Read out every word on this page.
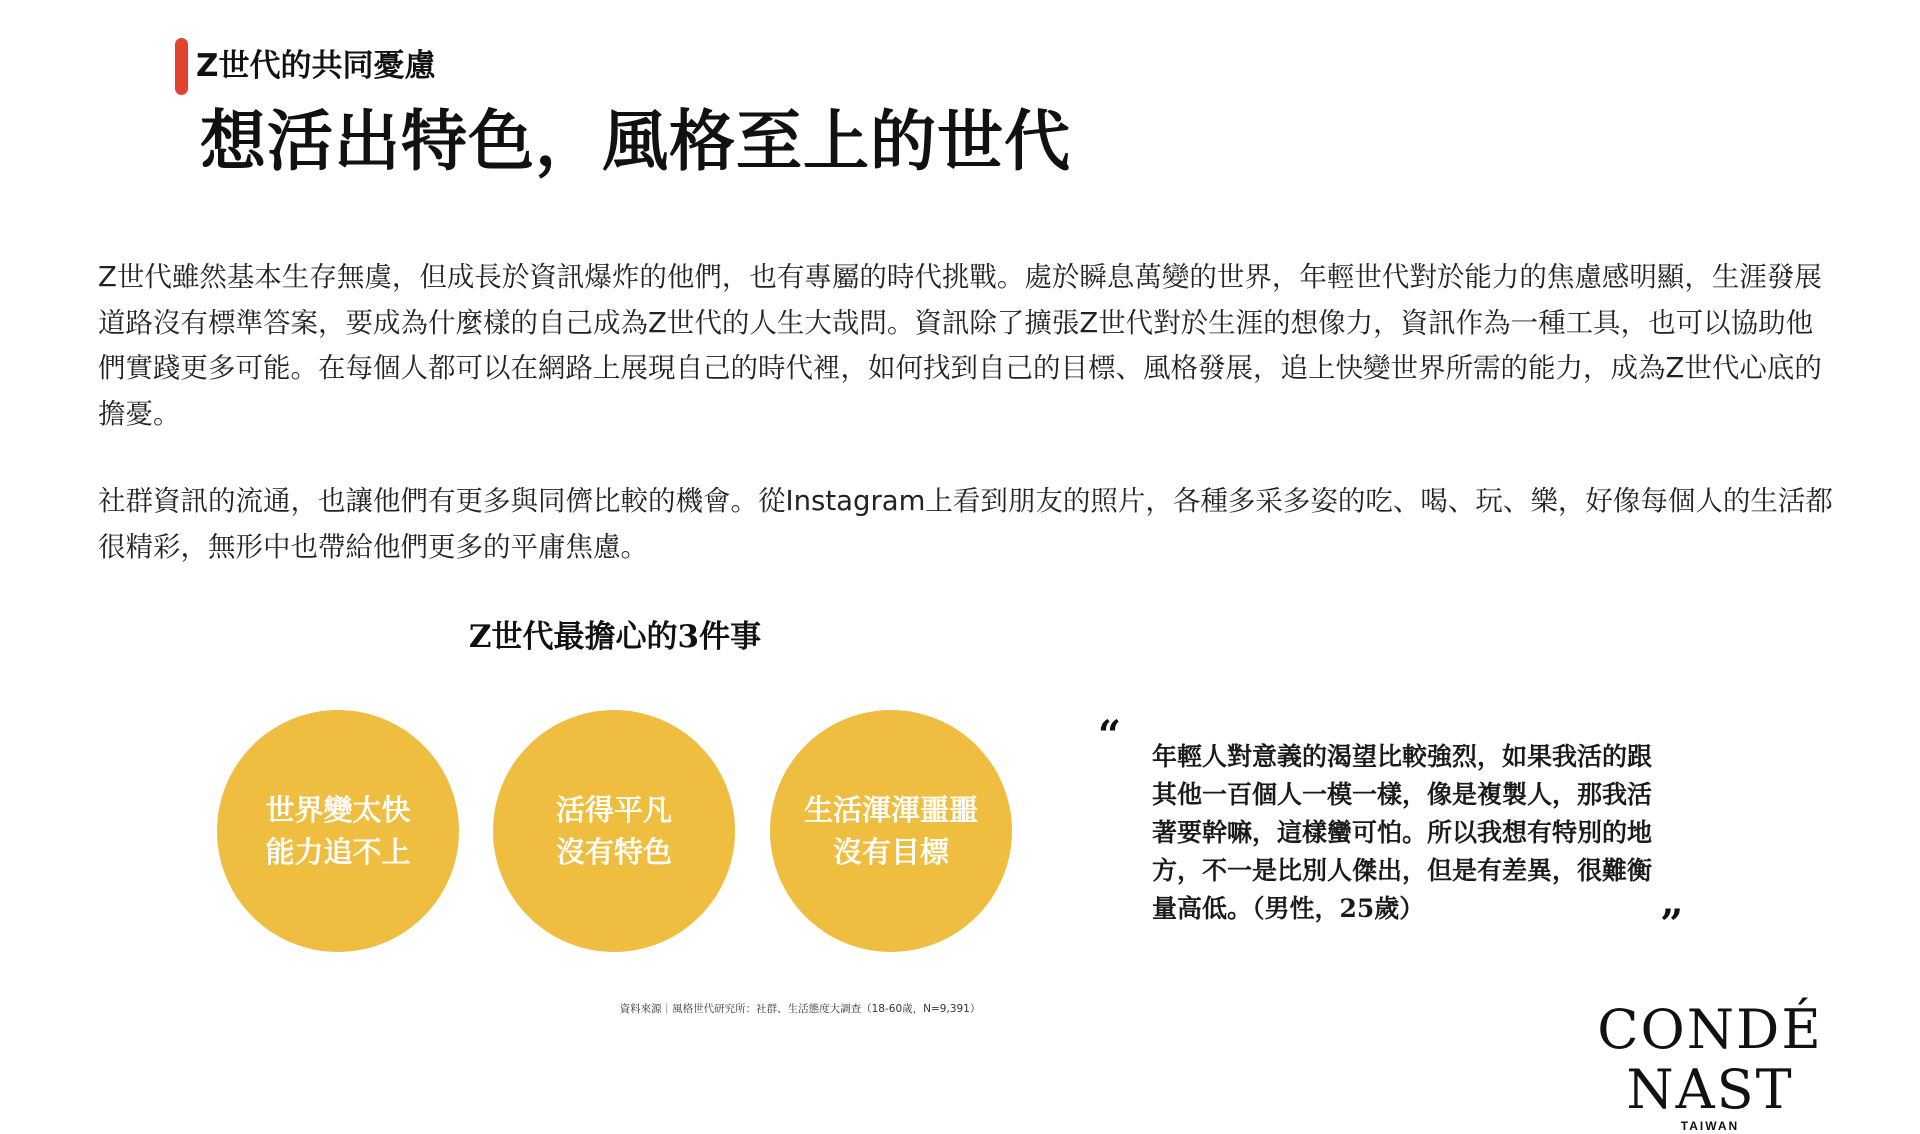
Z世代的共同憂慮
想活出特色，風格至上的世代

Z世代雖然基本生存無虞，但成長於資訊爆炸的他們，也有專屬的時代挑戰。處於瞬息萬變的世界，年輕世代對於能力的焦慮感明顯，生涯發展道路沒有標準答案，要成為什麼樣的自己成為Z世代的人生大哉問。資訊除了擴張Z世代對於生涯的想像力，資訊作為一種工具，也可以協助他們實踐更多可能。在每個人都可以在網路上展現自己的時代裡，如何找到自己的目標、風格發展，追上快變世界所需的能力，成為Z世代心底的擔憂。

社群資訊的流通，也讓他們有更多與同儕比較的機會。從Instagram上看到朋友的照片，各種多采多姿的吃、喝、玩、樂，好像每個人的生活都很精彩，無形中也帶給他們更多的平庸焦慮。

Z世代最擔心的3件事
世界變太快
能力追不上
活得平凡
沒有特色
生活渾渾噩噩
沒有目標
“ 年輕人對意義的渴望比較強烈，如果我活的跟其他一百個人一模一樣，像是複製人，那我活著要幹嘛，這樣蠻可怕。所以我想有特別的地方，不一是比別人傑出，但是有差異，很難衡量高低。（男性，25歲）	”
資料來源｜風格世代研究所：社群、生活態度大調查（18-60歲，N=9,391）	CONDÉ NAST
TAIWAN
